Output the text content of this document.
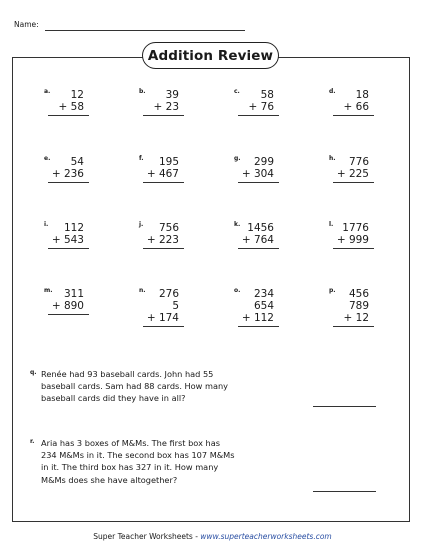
Name:
Addition Review
a.	12
+ 58
b.	39
+ 23
c.	58
+ 76
d.	18
+ 66
e.	54
+ 236
f.	195
+ 467
g.	299
+ 304
h.	776
+ 225
i.	112
+ 543
j.	756
+ 223
k. 1456
+ 764
l. 1776
+ 999
m.	311
+ 890
n.	276
5
+ 174
o.	234
654
+ 112
p.	456
789
+ 12
q. Renée had 93 baseball cards. John had 55
baseball cards. Sam had 88 cards. How many
baseball cards did they have in all?
r. Aria has 3 boxes of M&Ms. The first box has
234 M&Ms in it. The second box has 107 M&Ms
in it. The third box has 327 in it. How many
M&Ms does she have altogether?
Super Teacher Worksheets - www.superteacherworksheets.com
